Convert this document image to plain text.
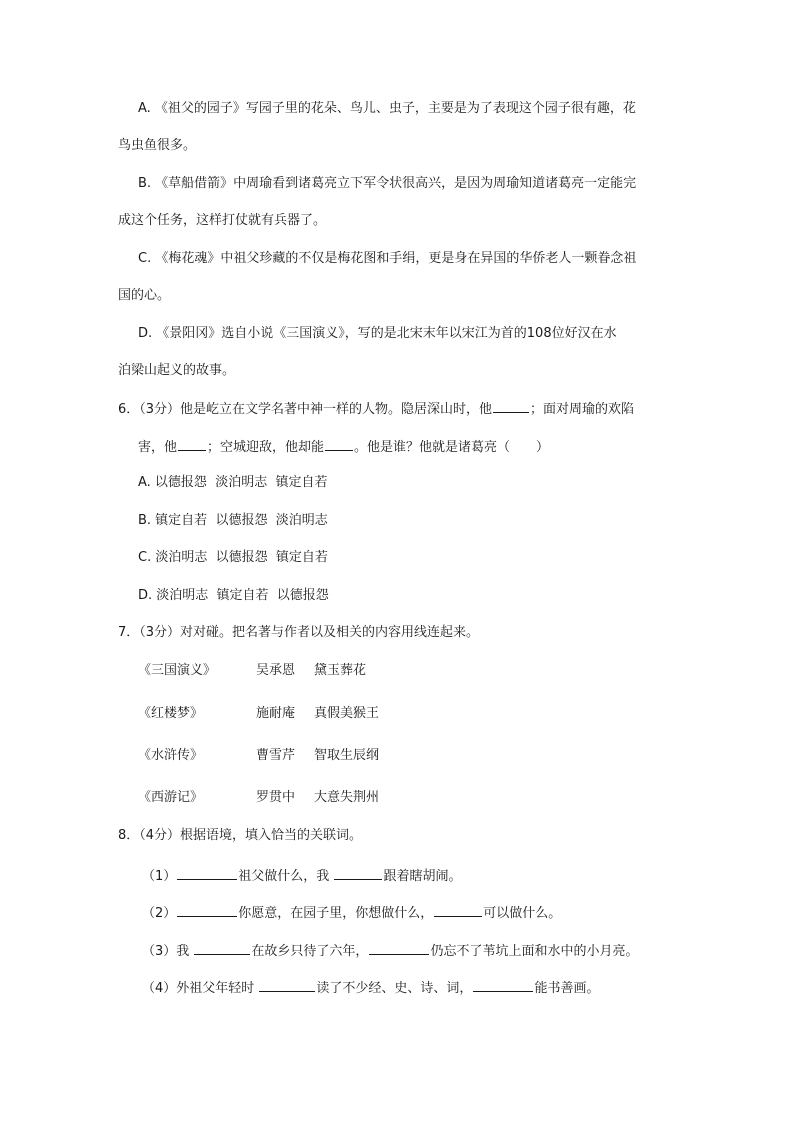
A. 《祖父的园子》写园子里的花朵、鸟儿、虫子，主要是为了表现这个园子很有趣，花
鸟虫鱼很多。
B. 《草船借箭》中周瑜看到诸葛亮立下军令状很高兴，是因为周瑜知道诸葛亮一定能完
成这个任务，这样打仗就有兵器了。
C. 《梅花魂》中祖父珍藏的不仅是梅花图和手绢，更是身在异国的华侨老人一颗眷念祖
国的心。
D. 《景阳冈》选自小说《三国演义》，写的是北宋末年以宋江为首的108位好汉在水
泊梁山起义的故事。
6．（3分）他是屹立在文学名著中神一样的人物。隐居深山时，他	；面对周瑜的欢陷
害，他 ；空城迎敌，他却能 。他是谁？他就是诸葛亮（　　）
A. 以德报怨  淡泊明志  镇定自若
B. 镇定自若  以德报怨  淡泊明志
C. 淡泊明志  以德报怨  镇定自若
D. 淡泊明志  镇定自若  以德报怨
7．（3分）对对碰。把名著与作者以及相关的内容用线连起来。
《三国演义》	吴承恩 黛玉葬花
《红楼梦》	施耐庵 真假美猴王
《水浒传》	曹雪芹 智取生辰纲
《西游记》	罗贯中 大意失荆州
8．（4分）根据语境，填入恰当的关联词。
（1）	祖父做什么，我	跟着瞎胡闹。
（2）	你愿意，在园子里，你想做什么，	可以做什么。
（3）我	在故乡只待了六年，	仍忘不了苇坑上面和水中的小月亮。
（4）外祖父年轻时	读了不少经、史、诗、词，	能书善画。
